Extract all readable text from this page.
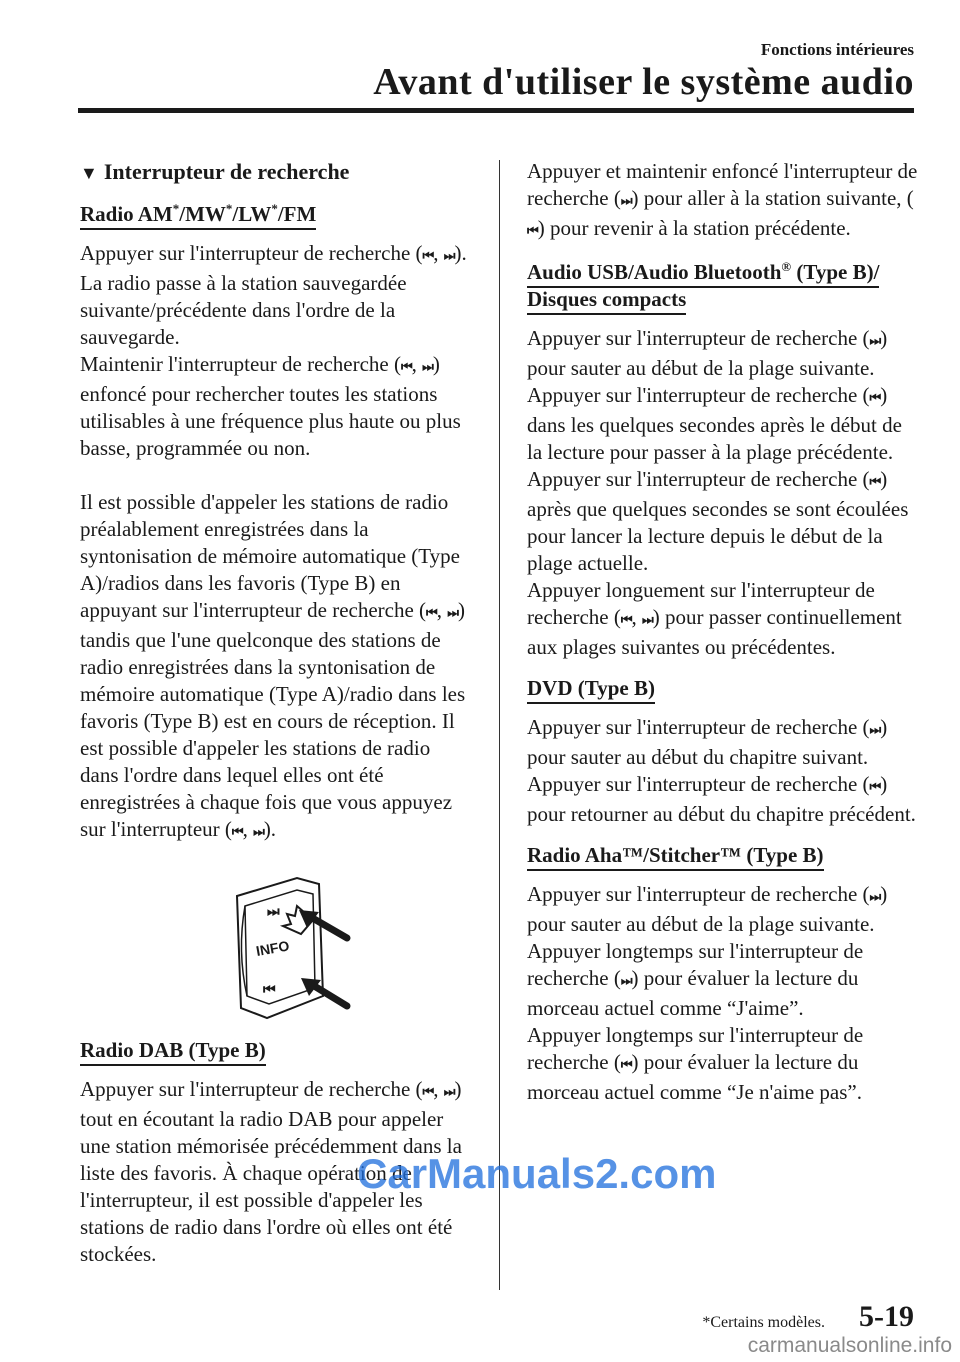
Fonctions intérieures
Avant d'utiliser le système audio
▼ Interrupteur de recherche
Radio AM*/MW*/LW*/FM

Appuyer sur l'interrupteur de recherche (⏮, ⏭). La radio passe à la station sauvegardée suivante/précédente dans l'ordre de la sauvegarde.

Maintenir l'interrupteur de recherche (⏮, ⏭) enfoncé pour rechercher toutes les stations utilisables à une fréquence plus haute ou plus basse, programmée ou non.

Il est possible d'appeler les stations de radio préalablement enregistrées dans la syntonisation de mémoire automatique (Type A)/radios dans les favoris (Type B) en appuyant sur l'interrupteur de recherche (⏮, ⏭) tandis que l'une quelconque des stations de radio enregistrées dans la syntonisation de mémoire automatique (Type A)/radio dans les favoris (Type B) est en cours de réception. Il est possible d'appeler les stations de radio dans l'ordre dans lequel elles ont été enregistrées à chaque fois que vous appuyez sur l'interrupteur (⏮, ⏭).

⏭
INFO
⏮
Radio DAB (Type B)

Appuyer sur l'interrupteur de recherche (⏮, ⏭) tout en écoutant la radio DAB pour appeler une station mémorisée précédemment dans la liste des favoris. À chaque opération de l'interrupteur, il est possible d'appeler les stations de radio dans l'ordre où elles ont été stockées.

Appuyer et maintenir enfoncé l'interrupteur de recherche (⏭) pour aller à la station suivante, (⏮) pour revenir à la station précédente.

Audio USB/Audio Bluetooth® (Type B)/ Disques compacts

Appuyer sur l'interrupteur de recherche (⏭) pour sauter au début de la plage suivante.

Appuyer sur l'interrupteur de recherche (⏮) dans les quelques secondes après le début de la lecture pour passer à la plage précédente.

Appuyer sur l'interrupteur de recherche (⏮) après que quelques secondes se sont écoulées pour lancer la lecture depuis le début de la plage actuelle.

Appuyer longuement sur l'interrupteur de recherche (⏮, ⏭) pour passer continuellement aux plages suivantes ou précédentes.

DVD (Type B)

Appuyer sur l'interrupteur de recherche (⏭) pour sauter au début du chapitre suivant.

Appuyer sur l'interrupteur de recherche (⏮) pour retourner au début du chapitre précédent.

Radio Aha™/Stitcher™ (Type B)

Appuyer sur l'interrupteur de recherche (⏭) pour sauter au début de la plage suivante.

Appuyer longtemps sur l'interrupteur de recherche (⏭) pour évaluer la lecture du morceau actuel comme “J'aime”.

Appuyer longtemps sur l'interrupteur de recherche (⏮) pour évaluer la lecture du morceau actuel comme “Je n'aime pas”.

CarManuals2.com
*Certains modèles. 5-19
carmanualsonline.info
